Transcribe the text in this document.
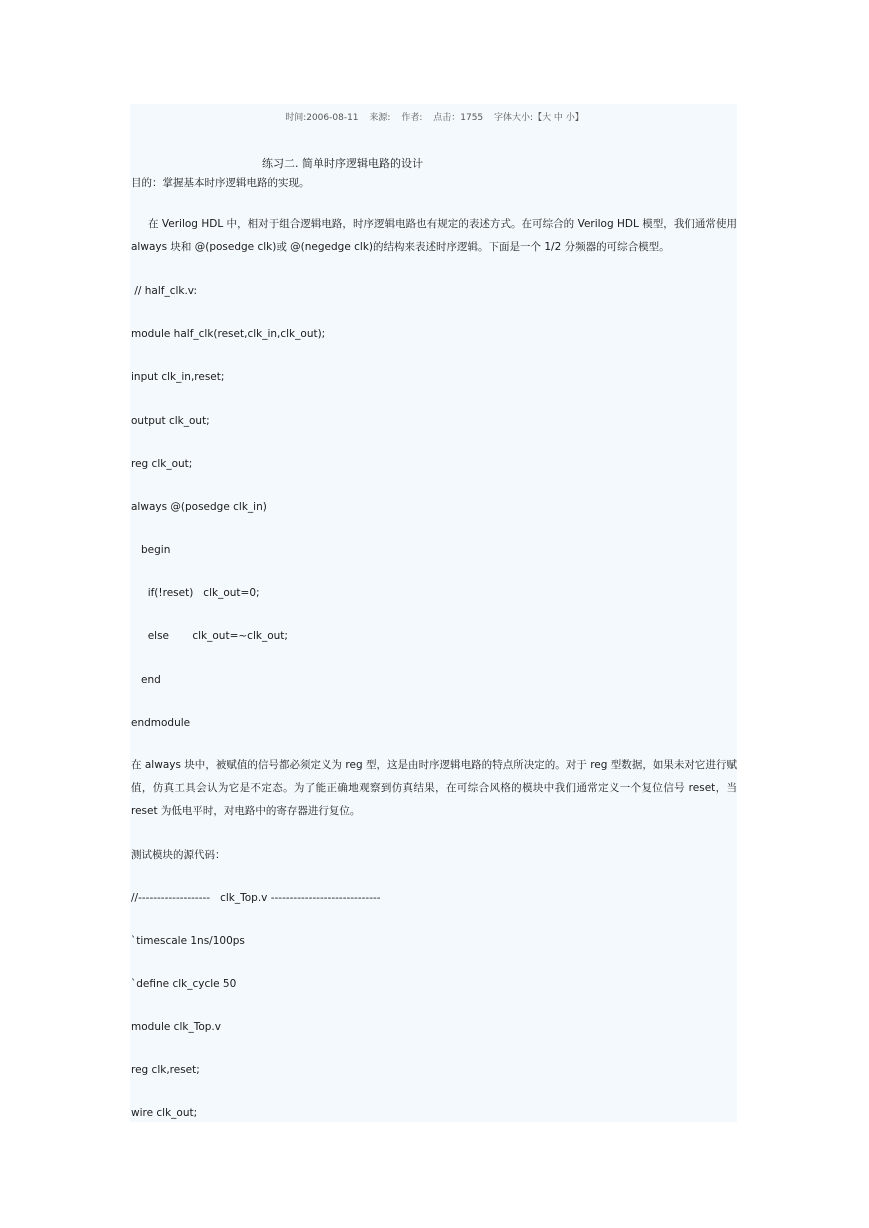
时间:2006-08-11 来源: 作者: 点击：1755 字体大小:【大 中 小】
练习二. 简单时序逻辑电路的设计
目的：掌握基本时序逻辑电路的实现。
在 Verilog HDL 中，相对于组合逻辑电路，时序逻辑电路也有规定的表述方式。在可综合的 Verilog HDL 模型，我们通常使用 always 块和 @(posedge clk)或 @(negedge clk)的结构来表述时序逻辑。下面是一个 1/2 分频器的可综合模型。
// half_clk.v:
module half_clk(reset,clk_in,clk_out);
input clk_in,reset;
output clk_out;
reg clk_out;
always @(posedge clk_in)
begin
if(!reset)   clk_out=0;
else       clk_out=~clk_out;
end
endmodule
在 always 块中，被赋值的信号都必须定义为 reg 型，这是由时序逻辑电路的特点所决定的。对于 reg 型数据，如果未对它进行赋值，仿真工具会认为它是不定态。为了能正确地观察到仿真结果，在可综合风格的模块中我们通常定义一个复位信号 reset，当 reset 为低电平时，对电路中的寄存器进行复位。
测试模块的源代码：
//-------------------   clk_Top.v -----------------------------
`timescale 1ns/100ps
`define clk_cycle 50
module clk_Top.v
reg clk,reset;
wire clk_out;
